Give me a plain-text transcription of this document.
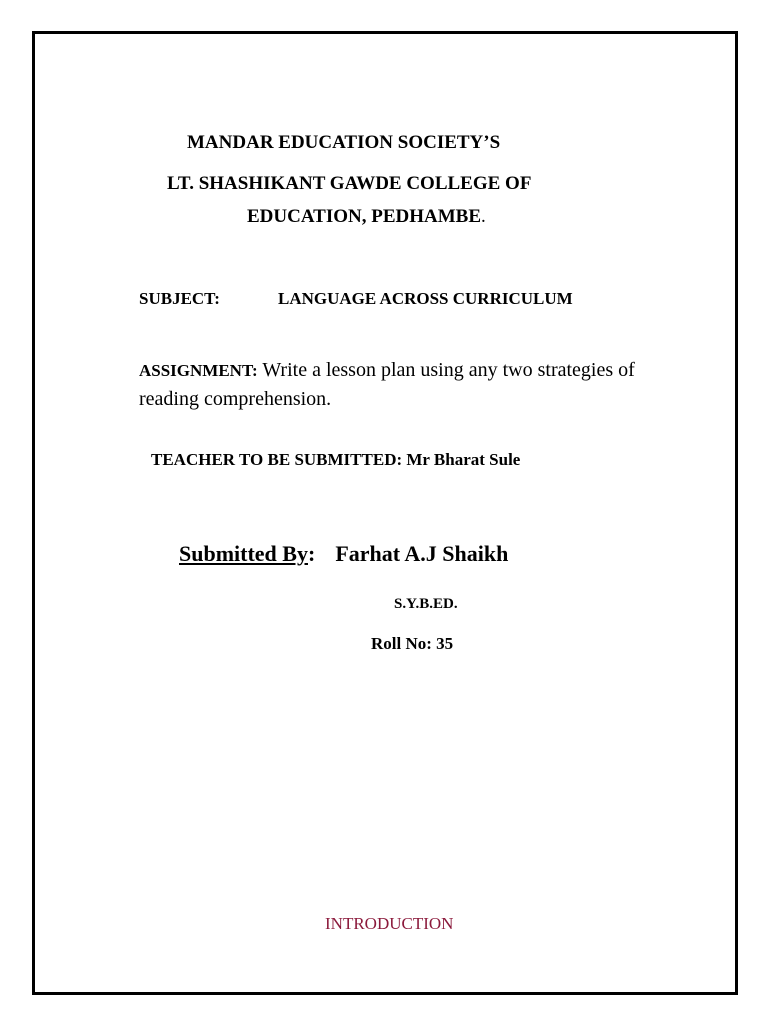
MANDAR EDUCATION SOCIETY’S
LT. SHASHIKANT GAWDE COLLEGE OF
EDUCATION, PEDHAMBE.
SUBJECT:	LANGUAGE ACROSS CURRICULUM
ASSIGNMENT: Write a lesson plan using any two strategies of reading comprehension.
TEACHER TO BE SUBMITTED: Mr Bharat Sule
Submitted By: Farhat A.J Shaikh
S.Y.B.ED.
Roll No: 35
INTRODUCTION
